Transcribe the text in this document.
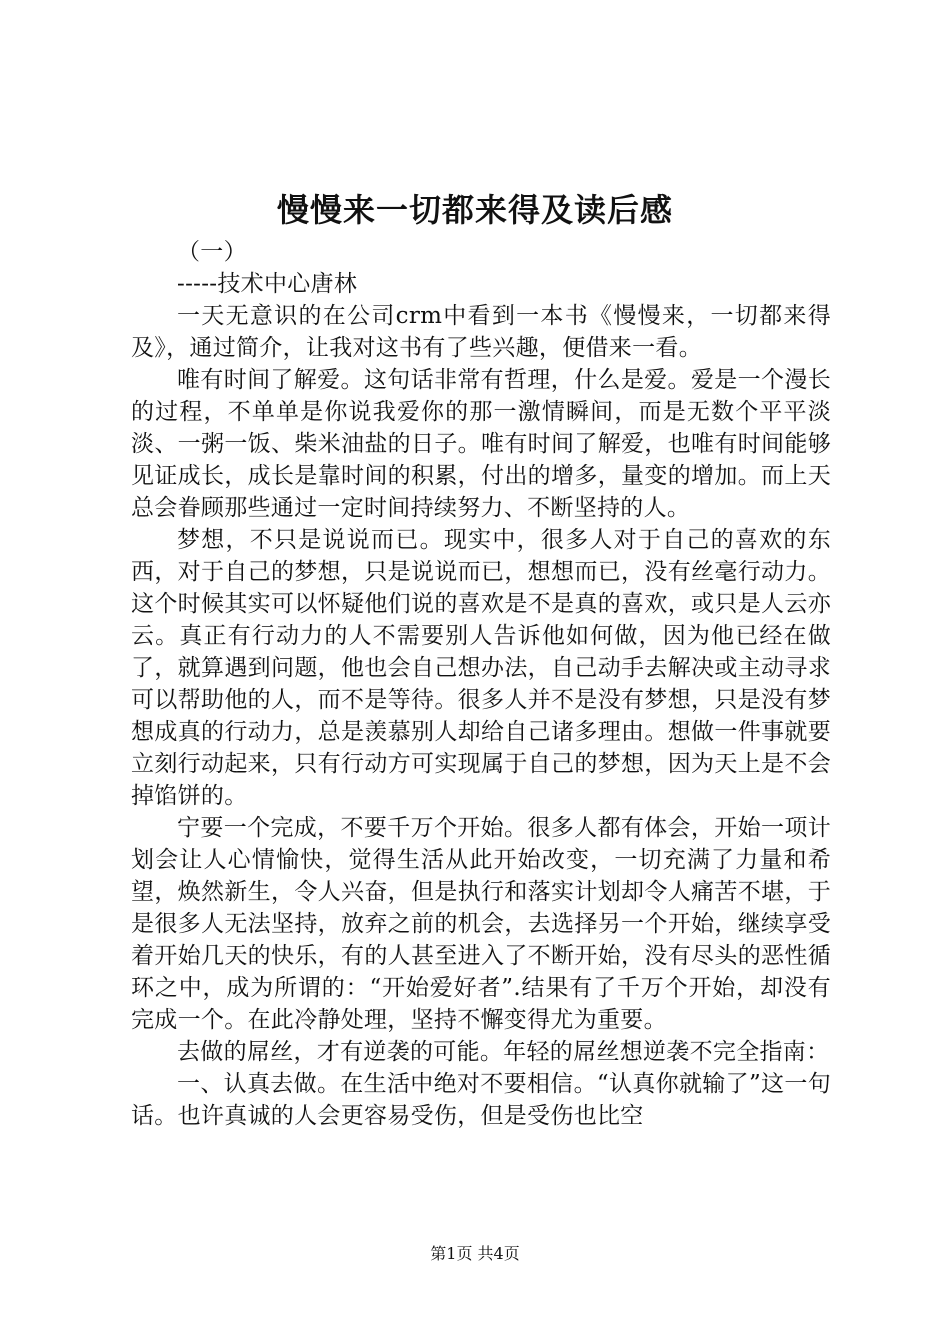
慢慢来一切都来得及读后感

（一）

-----技术中心唐林

一天无意识的在公司crm中看到一本书《慢慢来，一切都来得及》，通过简介，让我对这书有了些兴趣，便借来一看。

唯有时间了解爱。这句话非常有哲理，什么是爱。爱是一个漫长的过程，不单单是你说我爱你的那一激情瞬间，而是无数个平平淡淡、一粥一饭、柴米油盐的日子。唯有时间了解爱，也唯有时间能够见证成长，成长是靠时间的积累，付出的增多，量变的增加。而上天总会眷顾那些通过一定时间持续努力、不断坚持的人。

梦想，不只是说说而已。现实中，很多人对于自己的喜欢的东西，对于自己的梦想，只是说说而已，想想而已，没有丝毫行动力。这个时候其实可以怀疑他们说的喜欢是不是真的喜欢，或只是人云亦云。真正有行动力的人不需要别人告诉他如何做，因为他已经在做了，就算遇到问题，他也会自己想办法，自己动手去解决或主动寻求可以帮助他的人，而不是等待。很多人并不是没有梦想，只是没有梦想成真的行动力，总是羡慕别人却给自己诸多理由。想做一件事就要立刻行动起来，只有行动方可实现属于自己的梦想，因为天上是不会掉馅饼的。

宁要一个完成，不要千万个开始。很多人都有体会，开始一项计划会让人心情愉快，觉得生活从此开始改变，一切充满了力量和希望，焕然新生，令人兴奋，但是执行和落实计划却令人痛苦不堪，于是很多人无法坚持，放弃之前的机会，去选择另一个开始，继续享受着开始几天的快乐，有的人甚至进入了不断开始，没有尽头的恶性循环之中，成为所谓的：“开始爱好者”.结果有了千万个开始，却没有完成一个。在此冷静处理，坚持不懈变得尤为重要。

去做的屌丝，才有逆袭的可能。年轻的屌丝想逆袭不完全指南：

一、认真去做。在生活中绝对不要相信。“认真你就输了”这一句话。也许真诚的人会更容易受伤，但是受伤也比空

第1页 共4页
